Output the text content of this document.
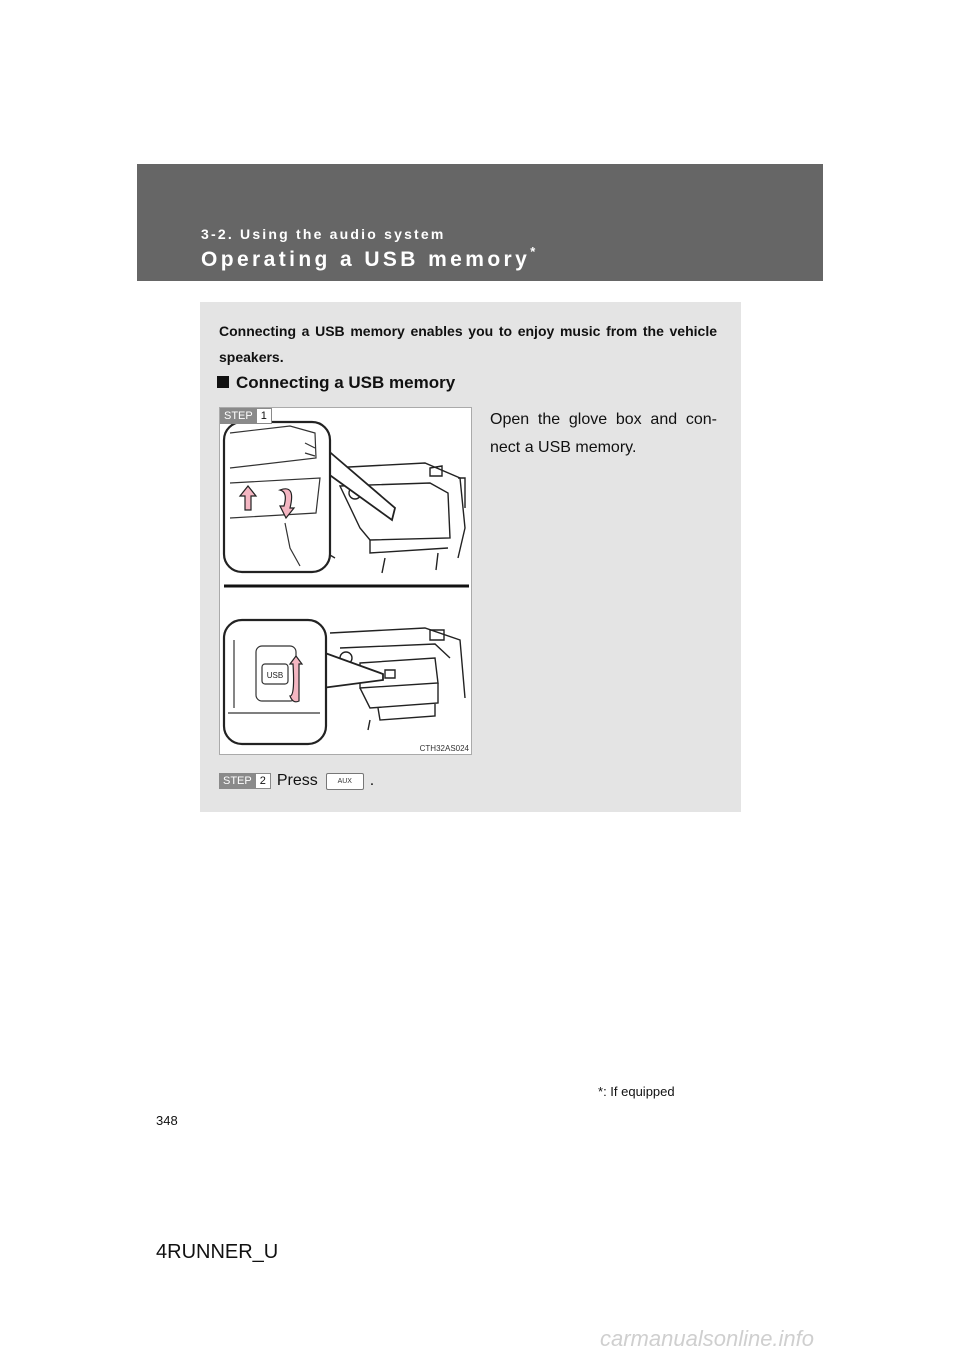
3-2. Using the audio system
Operating a USB memory*
Connecting a USB memory enables you to enjoy music from the vehicle speakers.
Connecting a USB memory
STEP 1
USB
CTH32AS024
Open the glove box and con-nect a USB memory.
STEP 2 Press	AUX	.
*: If equipped
348
4RUNNER_U
carmanualsonline.info
